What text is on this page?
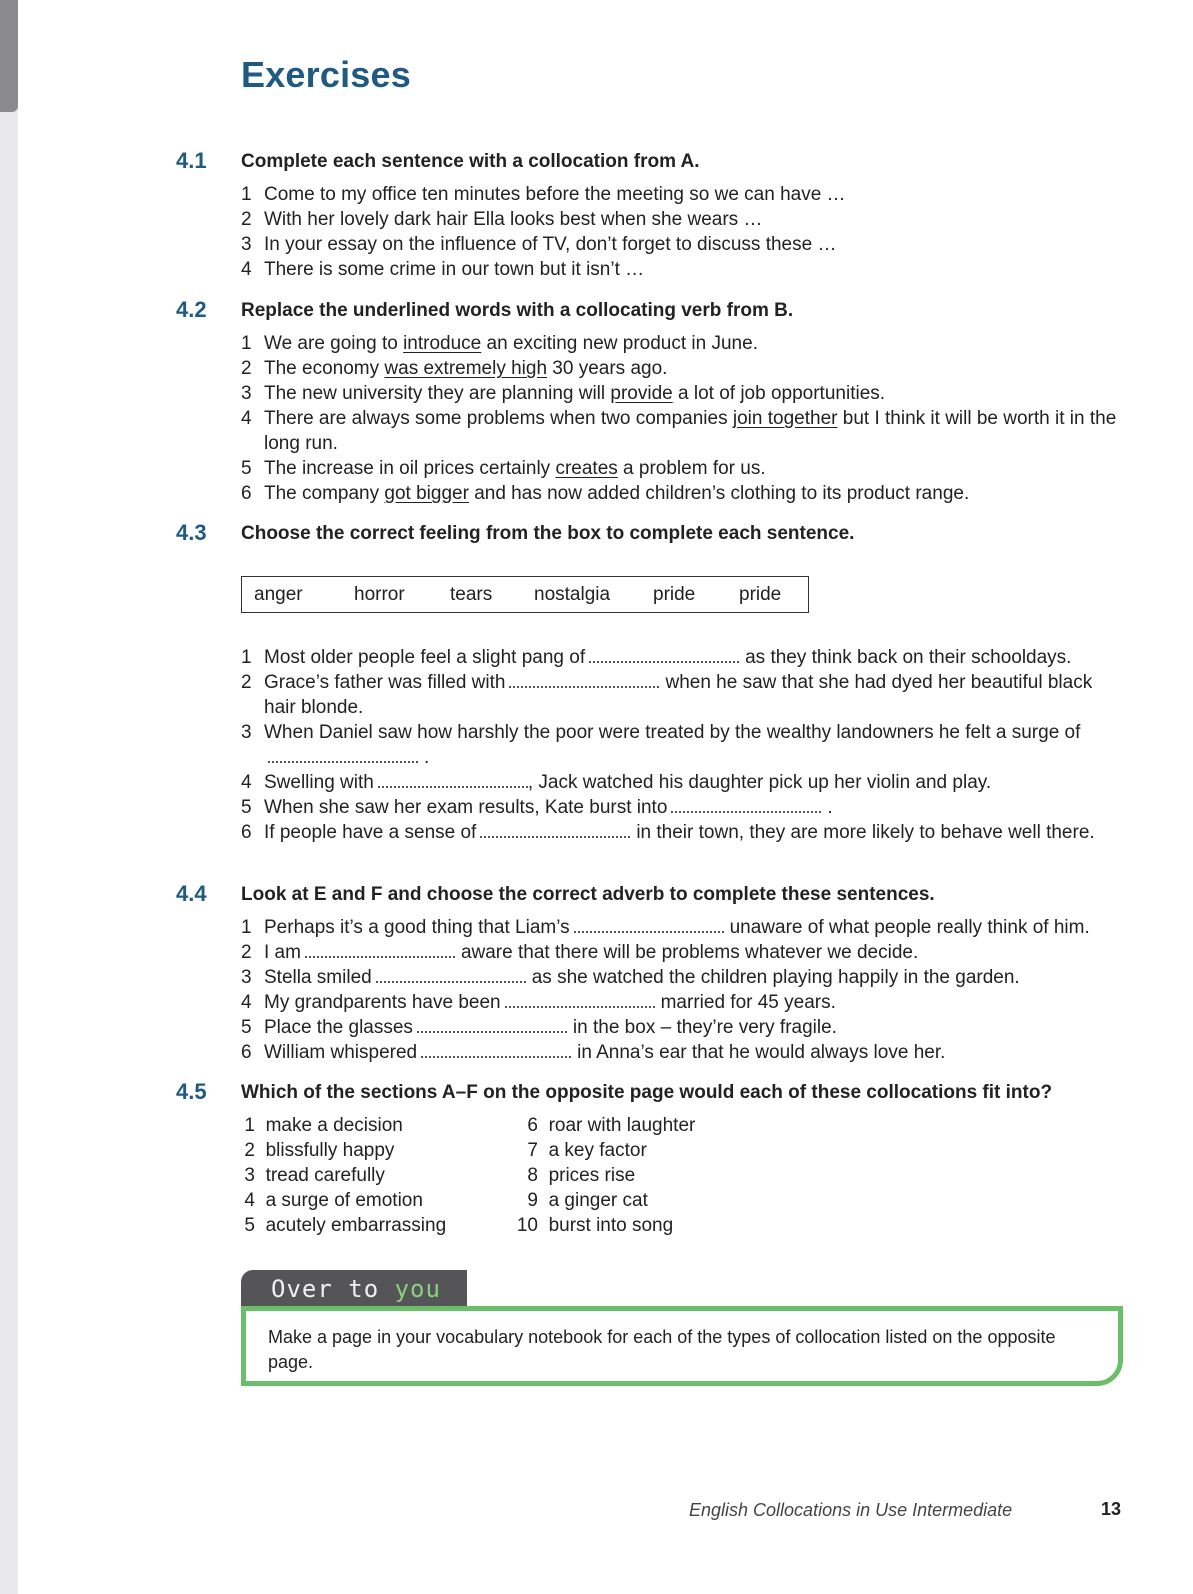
Exercises
4.1 Complete each sentence with a collocation from A.
1 Come to my office ten minutes before the meeting so we can have …
2 With her lovely dark hair Ella looks best when she wears …
3 In your essay on the influence of TV, don’t forget to discuss these …
4 There is some crime in our town but it isn’t …
4.2 Replace the underlined words with a collocating verb from B.
1 We are going to introduce an exciting new product in June.
2 The economy was extremely high 30 years ago.
3 The new university they are planning will provide a lot of job opportunities.
4 There are always some problems when two companies join together but I think it will be worth it in the long run.
5 The increase in oil prices certainly creates a problem for us.
6 The company got bigger and has now added children’s clothing to its product range.
4.3 Choose the correct feeling from the box to complete each sentence.
anger	horror tears nostalgia pride pride
1 Most older people feel a slight pang of	as they think back on their schooldays.
2 Grace’s father was filled with	when he saw that she had dyed her beautiful black hair blonde.
3 When Daniel saw how harshly the poor were treated by the wealthy landowners he felt a surge of.
4 Swelling with	, Jack watched his daughter pick up her violin and play.
5 When she saw her exam results, Kate burst into	.
6 If people have a sense of	in their town, they are more likely to behave well there.
4.4 Look at E and F and choose the correct adverb to complete these sentences.
1 Perhaps it’s a good thing that Liam’s	unaware of what people really think of him.
2 I am	aware that there will be problems whatever we decide.
3 Stella smiled	as she watched the children playing happily in the garden.
4 My grandparents have been	married for 45 years.
5 Place the glasses	in the box – they’re very fragile.
6 William whispered	in Anna’s ear that he would always love her.
4.5 Which of the sections A–F on the opposite page would each of these collocations fit into?
1 make a decision
2 blissfully happy
3 tread carefully
4 a surge of emotion
5 acutely embarrassing
6 roar with laughter
7 a key factor
8 prices rise
9 a ginger cat
10 burst into song
Over to you
Make a page in your vocabulary notebook for each of the types of collocation listed on the opposite page.
English Collocations in Use Intermediate	13
